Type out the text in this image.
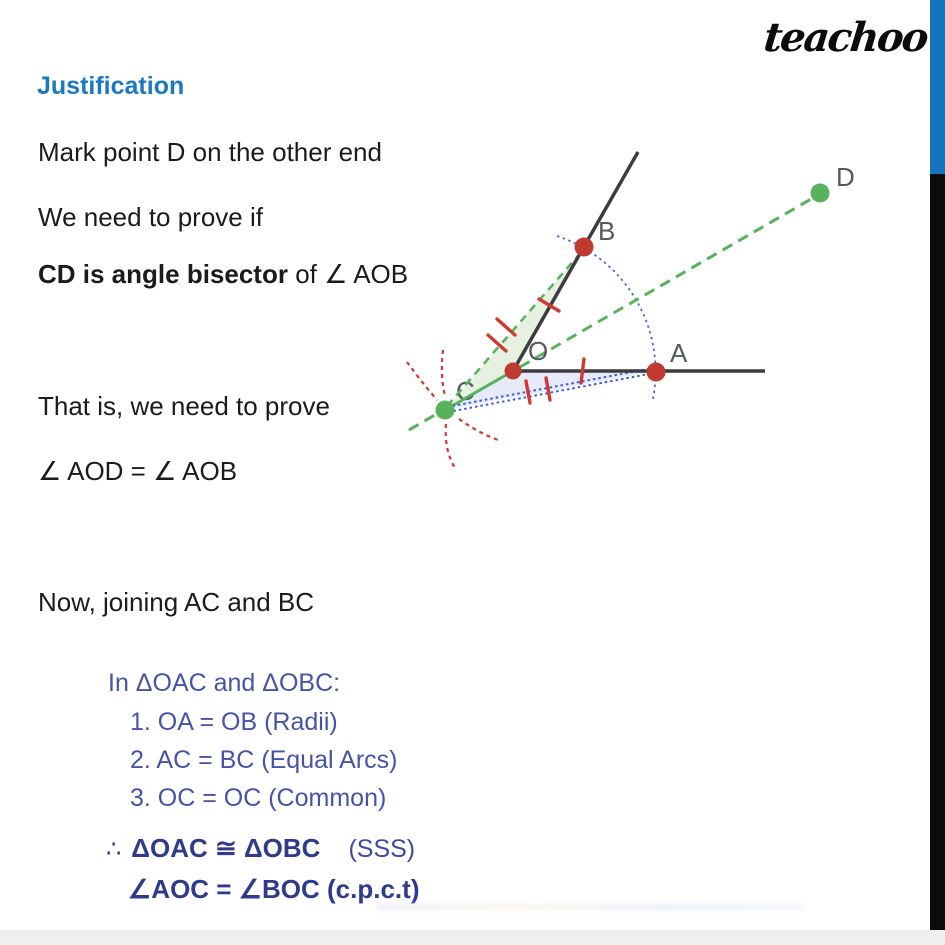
teachoo
Justification
Mark point D on the other end
We need to prove if
CD is angle bisector of ∠ AOB
That is, we need to prove
∠ AOD = ∠ AOB
Now, joining AC and BC
In ΔOAC and ΔOBC:
1. OA = OB (Radii)
2. AC = BC (Equal Arcs)
3. OC = OC (Common)
∴ ΔOAC ≅ ΔOBC (SSS)
∠AOC = ∠BOC (c.p.c.t)
C
B
A
O
D
